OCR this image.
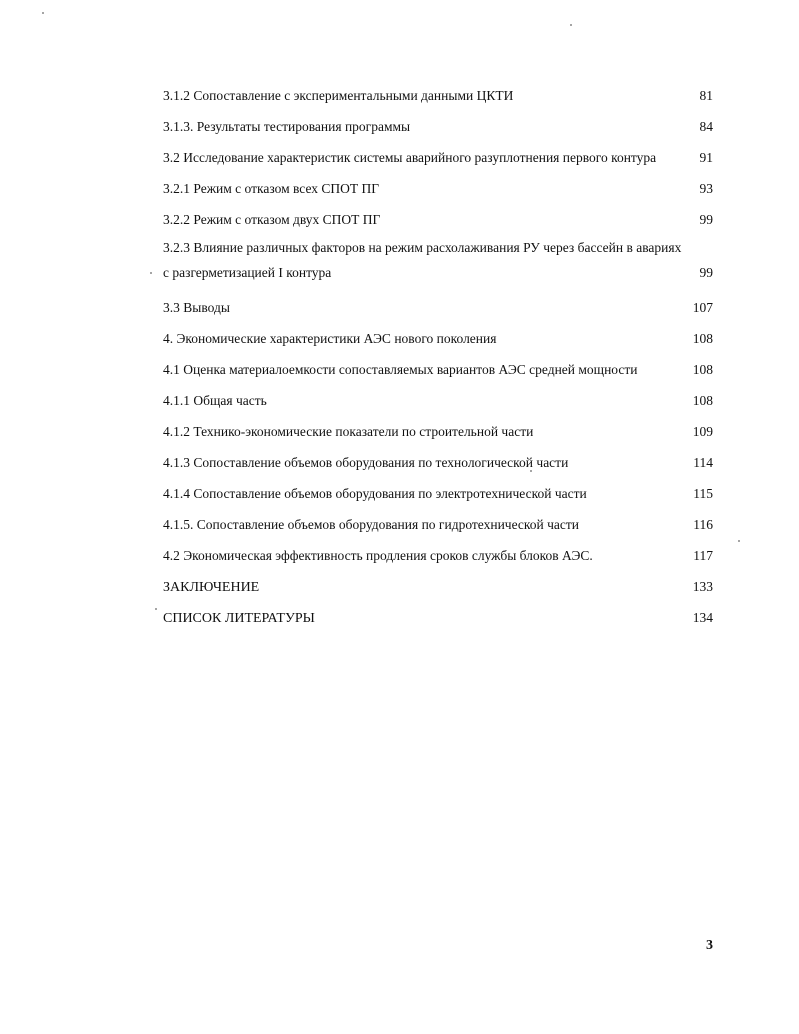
3.1.2 Сопоставление с экспериментальными данными ЦКТИ	81
3.1.3. Результаты тестирования программы	84
3.2 Исследование характеристик системы аварийного разуплотнения первого контура	91
3.2.1 Режим с отказом всех СПОТ ПГ	93
3.2.2 Режим с отказом двух СПОТ ПГ	99
3.2.3 Влияние различных факторов на режим расхолаживания РУ через бассейн в авариях
с разгерметизацией I контура	99
3.3 Выводы	107
4. Экономические характеристики АЭС нового поколения	108
4.1 Оценка материалоемкости сопоставляемых вариантов АЭС средней мощности	108
4.1.1 Общая часть	108
4.1.2 Технико-экономические показатели по строительной части	109
4.1.3 Сопоставление объемов оборудования по технологической части	114
4.1.4 Сопоставление объемов оборудования по электротехнической части	115
4.1.5. Сопоставление объемов оборудования по гидротехнической части	116
4.2 Экономическая эффективность продления сроков службы блоков АЭС.	117
ЗАКЛЮЧЕНИЕ	133
СПИСОК ЛИТЕРАТУРЫ	134
3
